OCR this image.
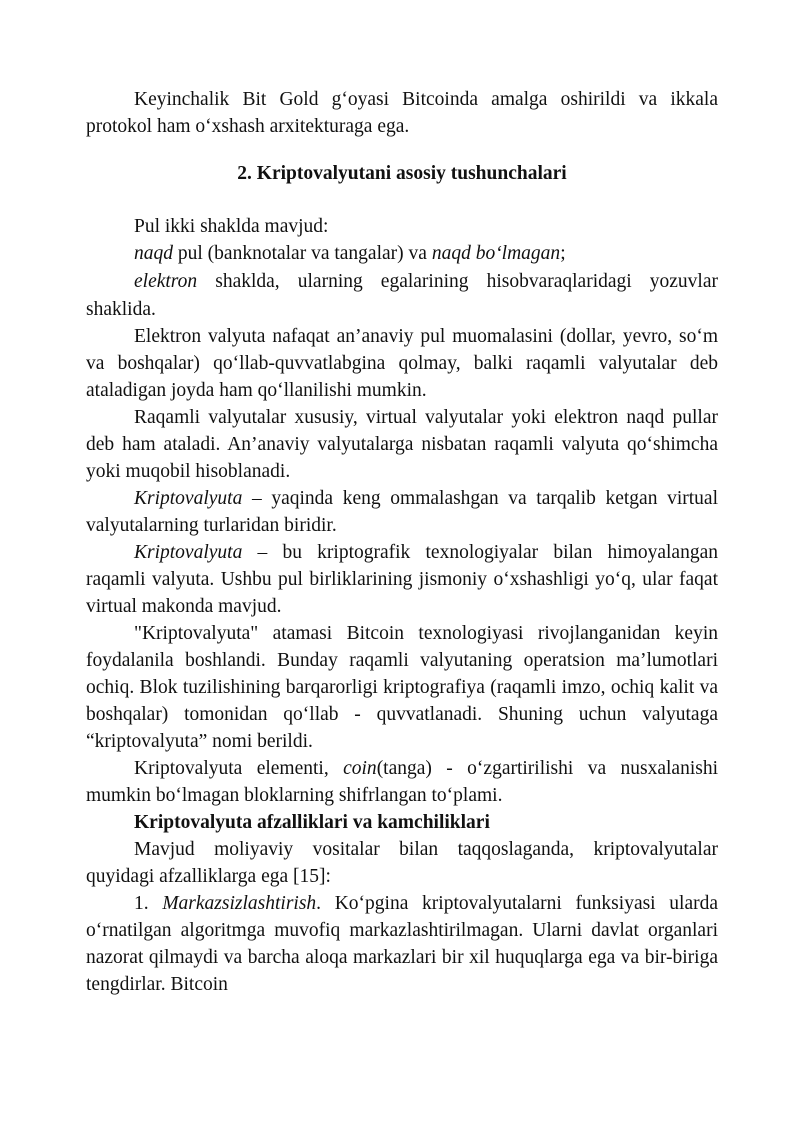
Keyinchalik Bit Gold g‘oyasi Bitcoinda amalga oshirildi va ikkala protokol ham o‘xshash arxitekturaga ega.

2. Kriptovalyutani asosiy tushunchalari

Pul ikki shaklda mavjud:

naqd pul (banknotalar va tangalar) va naqd bo‘lmagan;

elektron shaklda, ularning egalarining hisobvaraqlaridagi yozuvlar shaklida.

Elektron valyuta nafaqat an’anaviy pul muomalasini (dollar, yevro, so‘m va boshqalar) qo‘llab-quvvatlabgina qolmay, balki raqamli valyutalar deb ataladigan joyda ham qo‘llanilishi mumkin.

Raqamli valyutalar xususiy, virtual valyutalar yoki elektron naqd pullar deb ham ataladi. An’anaviy valyutalarga nisbatan raqamli valyuta qo‘shimcha yoki muqobil hisoblanadi.

Kriptovalyuta – yaqinda keng ommalashgan va tarqalib ketgan virtual valyutalarning turlaridan biridir.

Kriptovalyuta – bu kriptografik texnologiyalar bilan himoyalangan raqamli valyuta. Ushbu pul birliklarining jismoniy o‘xshashligi yo‘q, ular faqat virtual makonda mavjud.

"Kriptovalyuta" atamasi Bitcoin texnologiyasi rivojlanganidan keyin foydalanila boshlandi. Bunday raqamli valyutaning operatsion ma’lumotlari ochiq. Blok tuzilishining barqarorligi kriptografiya (raqamli imzo, ochiq kalit va boshqalar) tomonidan qo‘llab - quvvatlanadi. Shuning uchun valyutaga “kriptovalyuta” nomi berildi.

Kriptovalyuta elementi, coin(tanga) - o‘zgartirilishi va nusxalanishi mumkin bo‘lmagan bloklarning shifrlangan to‘plami.

Kriptovalyuta afzalliklari va kamchiliklari

Mavjud moliyaviy vositalar bilan taqqoslaganda, kriptovalyutalar quyidagi afzalliklarga ega [15]:

1. Markazsizlashtirish. Ko‘pgina kriptovalyutalarni funksiyasi ularda o‘rnatilgan algoritmga muvofiq markazlashtirilmagan. Ularni davlat organlari nazorat qilmaydi va barcha aloqa markazlari bir xil huquqlarga ega va bir-biriga tengdirlar. Bitcoin
